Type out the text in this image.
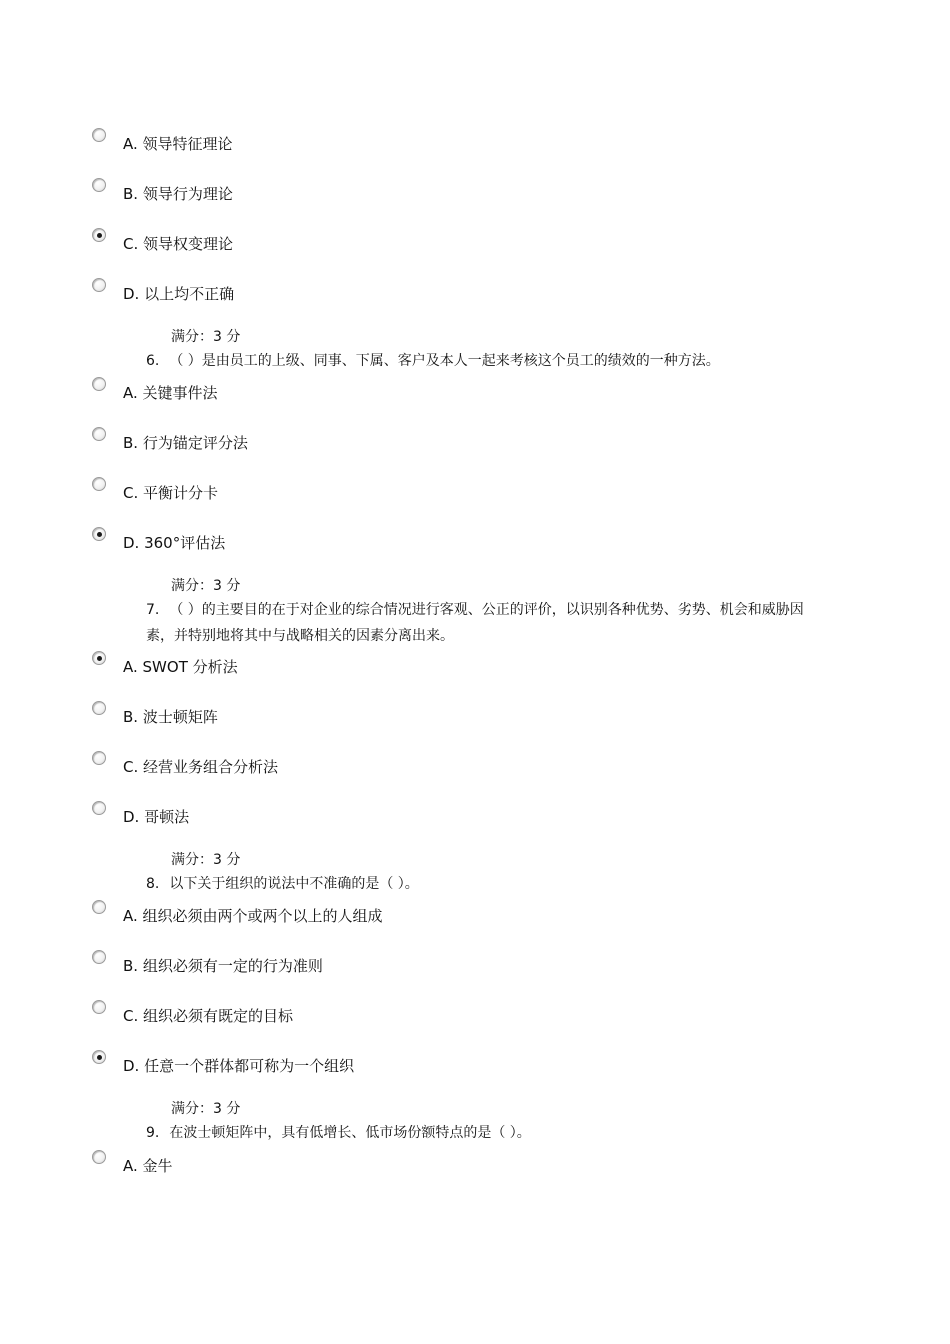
A. 领导特征理论
B. 领导行为理论
C. 领导权变理论
D. 以上均不正确
满分：3 分
6. （ ）是由员工的上级、同事、下属、客户及本人一起来考核这个员工的绩效的一种方法。
A. 关键事件法
B. 行为锚定评分法
C. 平衡计分卡
D. 360°评估法
满分：3 分
7. （ ）的主要目的在于对企业的综合情况进行客观、公正的评价，以识别各种优势、劣势、机会和威胁因素，并特别地将其中与战略相关的因素分离出来。
A. SWOT 分析法
B. 波士顿矩阵
C. 经营业务组合分析法
D. 哥顿法
满分：3 分
8. 以下关于组织的说法中不准确的是（ ）。
A. 组织必须由两个或两个以上的人组成
B. 组织必须有一定的行为准则
C. 组织必须有既定的目标
D. 任意一个群体都可称为一个组织
满分：3 分
9. 在波士顿矩阵中，具有低增长、低市场份额特点的是（ ）。
A. 金牛
